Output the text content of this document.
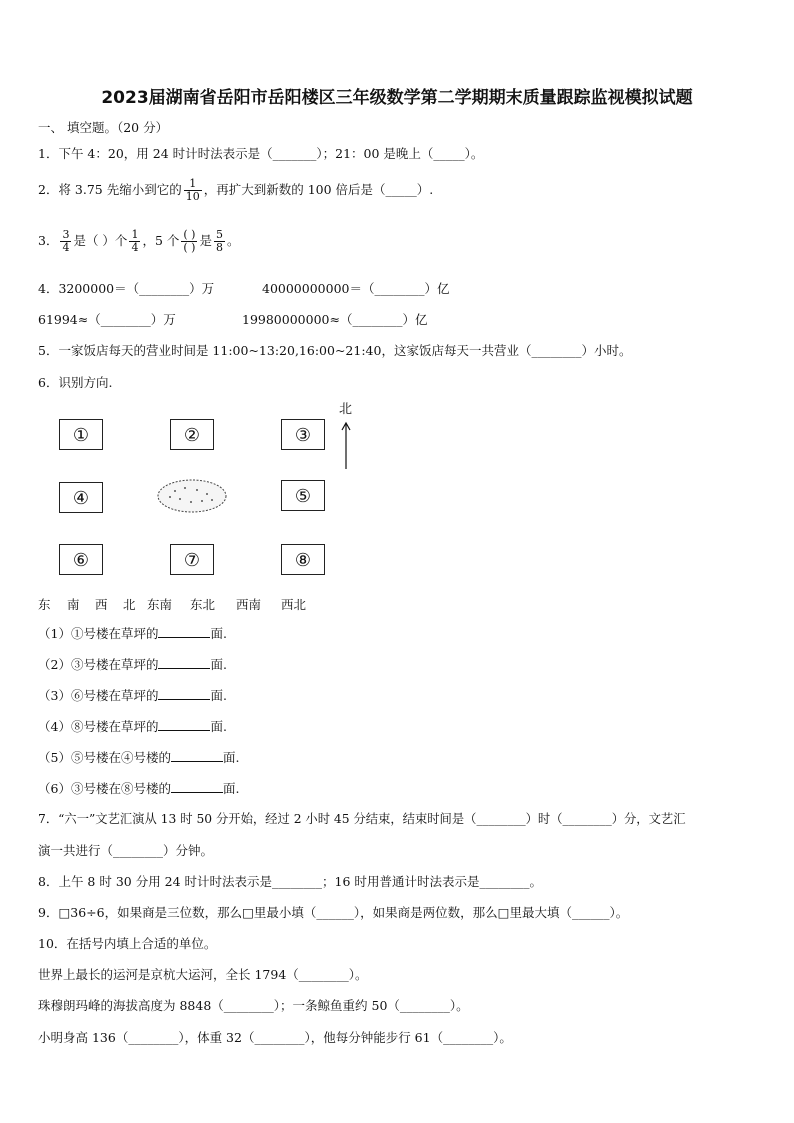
2023届湖南省岳阳市岳阳楼区三年级数学第二学期期末质量跟踪监视模拟试题
一、 填空题。（20 分）
1．下午 4：20，用 24 时计时法表示是（_______）；21：00 是晚上（_____）。
2．将 3.75 先缩小到它的 $\frac{1}{10}$ ，再扩大到新数的 100 倍后是（_____）.
3． $\frac{3}{4}$ 是（ ）个 $\frac{1}{4}$ ，5 个 $\frac{( )}{( )}$ 是 $\frac{5}{8}$ 。
4．3200000＝（________）万	40000000000＝（________）亿
61994≈（________）万	19980000000≈（________）亿
5．一家饭店每天的营业时间是 11:00~13:20,16:00~21:40，这家饭店每天一共营业（________）小时。
6．识别方向.
①	②	③
④	⑤
⑥	⑦	⑧
北
东 南 西 北 东南 东北 西南 西北
（1）①号楼在草坪的	面.
（2）③号楼在草坪的	面.
（3）⑥号楼在草坪的	面.
（4）⑧号楼在草坪的	面.
（5）⑤号楼在④号楼的	面.
（6）③号楼在⑧号楼的	面.
7．“六一”文艺汇演从 13 时 50 分开始，经过 2 小时 45 分结束，结束时间是（________）时（________）分，文艺汇
演一共进行（________）分钟。
8．上午 8 时 30 分用 24 时计时法表示是________；16 时用普通计时法表示是________。
9．□36÷6，如果商是三位数，那么□里最小填（______），如果商是两位数，那么□里最大填（______）。
10．在括号内填上合适的单位。
世界上最长的运河是京杭大运河，全长 1794（________）。
珠穆朗玛峰的海拔高度为 8848（________）；一条鲸鱼重约 50（________）。
小明身高 136（________），体重 32（________），他每分钟能步行 61（________）。
